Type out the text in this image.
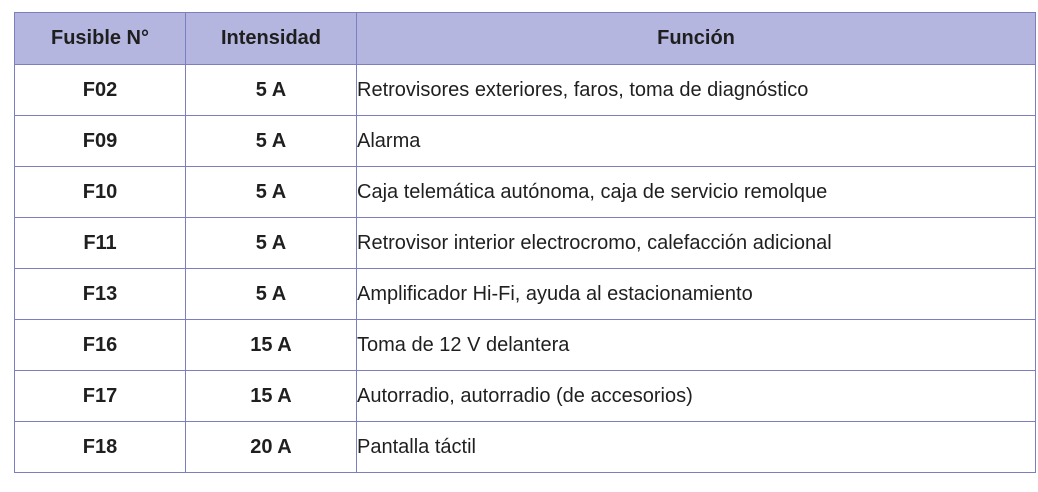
Fusible N°	Intensidad	Función
F02	5 A	Retrovisores exteriores, faros, toma de diagnóstico
F09	5 A	Alarma
F10	5 A	Caja telemática autónoma, caja de servicio remolque
F11	5 A	Retrovisor interior electrocromo, calefacción adicional
F13	5 A	Amplificador Hi-Fi, ayuda al estacionamiento
F16	15 A	Toma de 12 V delantera
F17	15 A	Autorradio, autorradio (de accesorios)
F18	20 A	Pantalla táctil
